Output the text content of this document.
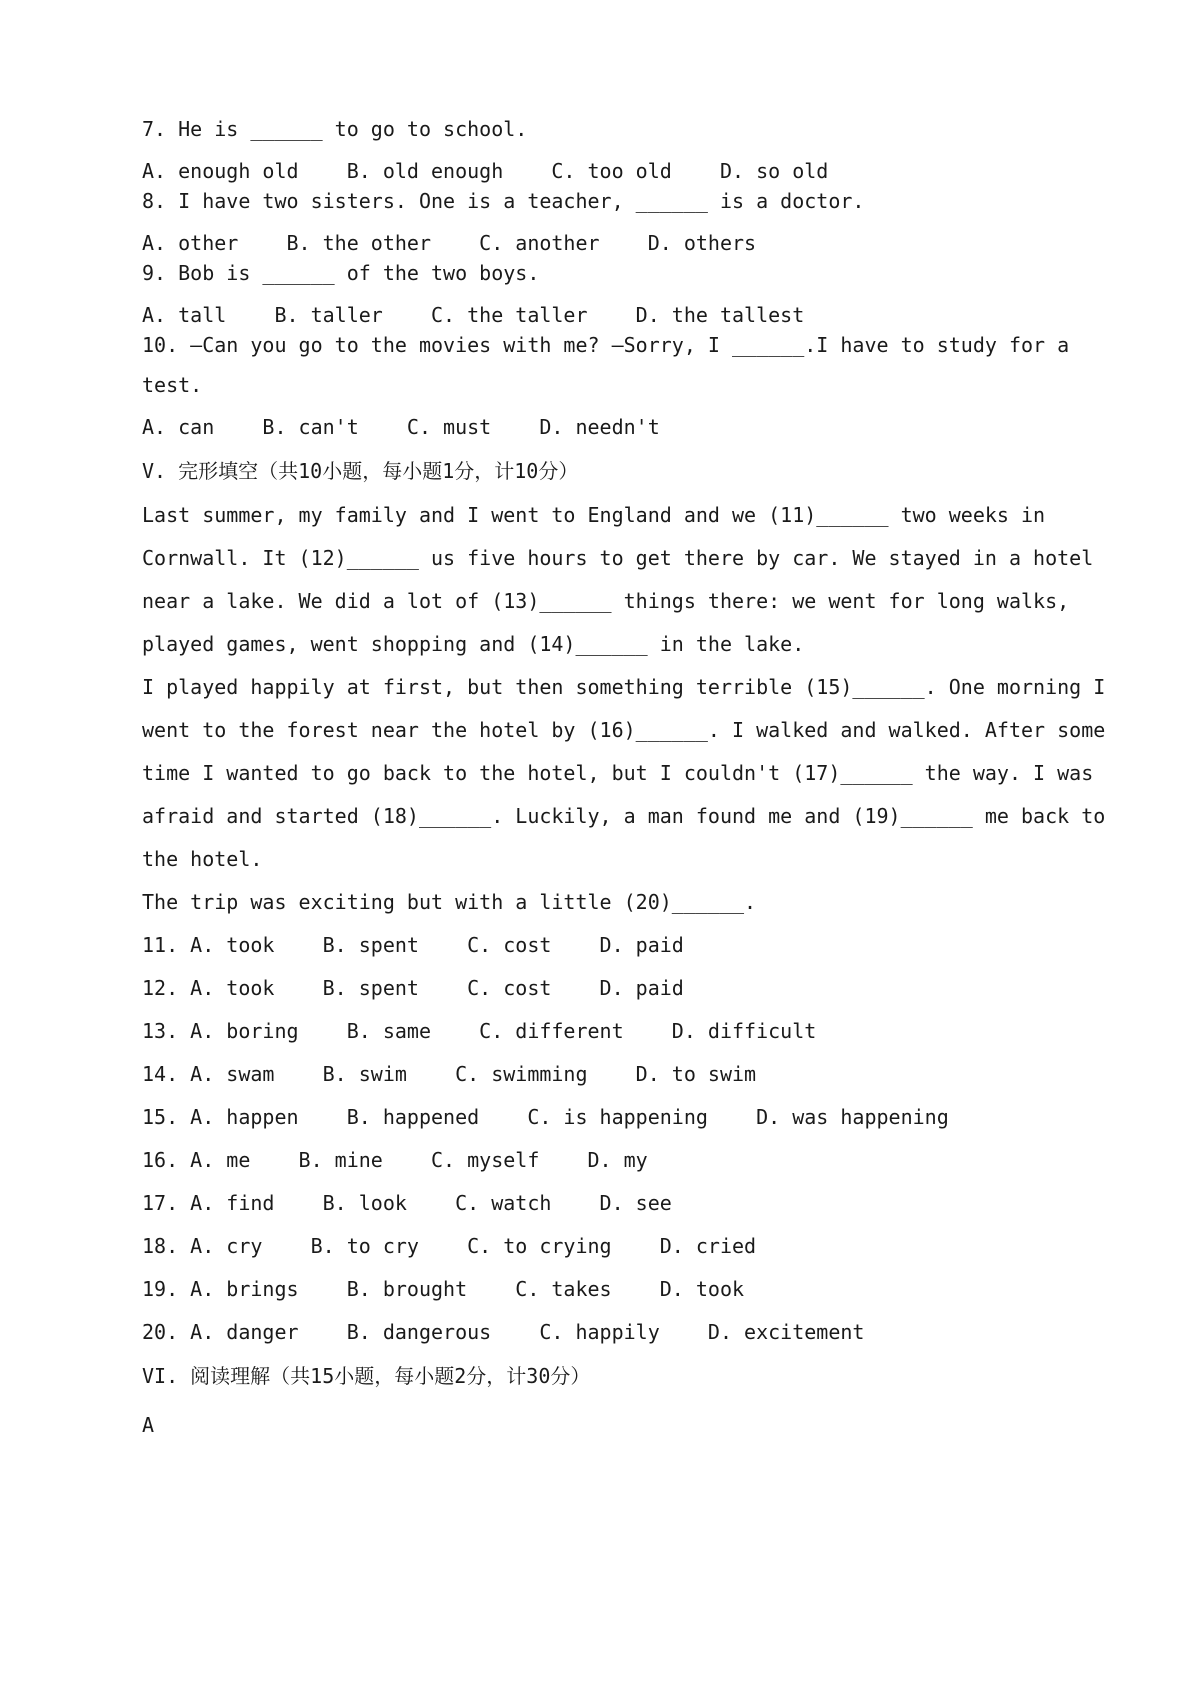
7. He is ______ to go to school.

A. enough old    B. old enough    C. too old    D. so old

8. I have two sisters. One is a teacher, ______ is a doctor.

A. other    B. the other    C. another    D. others

9. Bob is ______ of the two boys.

A. tall    B. taller    C. the taller    D. the tallest

10. —Can you go to the movies with me? —Sorry, I ______.I have to study for a

test.

A. can    B. can't    C. must    D. needn't

V. 完形填空（共10小题，每小题1分，计10分）

Last summer, my family and I went to England and we (11)______ two weeks in

Cornwall. It (12)______ us five hours to get there by car. We stayed in a hotel

near a lake. We did a lot of (13)______ things there: we went for long walks,

played games, went shopping and (14)______ in the lake.

I played happily at first, but then something terrible (15)______. One morning I

went to the forest near the hotel by (16)______. I walked and walked. After some

time I wanted to go back to the hotel, but I couldn't (17)______ the way. I was

afraid and started (18)______. Luckily, a man found me and (19)______ me back to

the hotel.

The trip was exciting but with a little (20)______.

11. A. took    B. spent    C. cost    D. paid

12. A. took    B. spent    C. cost    D. paid

13. A. boring    B. same    C. different    D. difficult

14. A. swam    B. swim    C. swimming    D. to swim

15. A. happen    B. happened    C. is happening    D. was happening

16. A. me    B. mine    C. myself    D. my

17. A. find    B. look    C. watch    D. see

18. A. cry    B. to cry    C. to crying    D. cried

19. A. brings    B. brought    C. takes    D. took

20. A. danger    B. dangerous    C. happily    D. excitement

VI. 阅读理解（共15小题，每小题2分，计30分）

A
